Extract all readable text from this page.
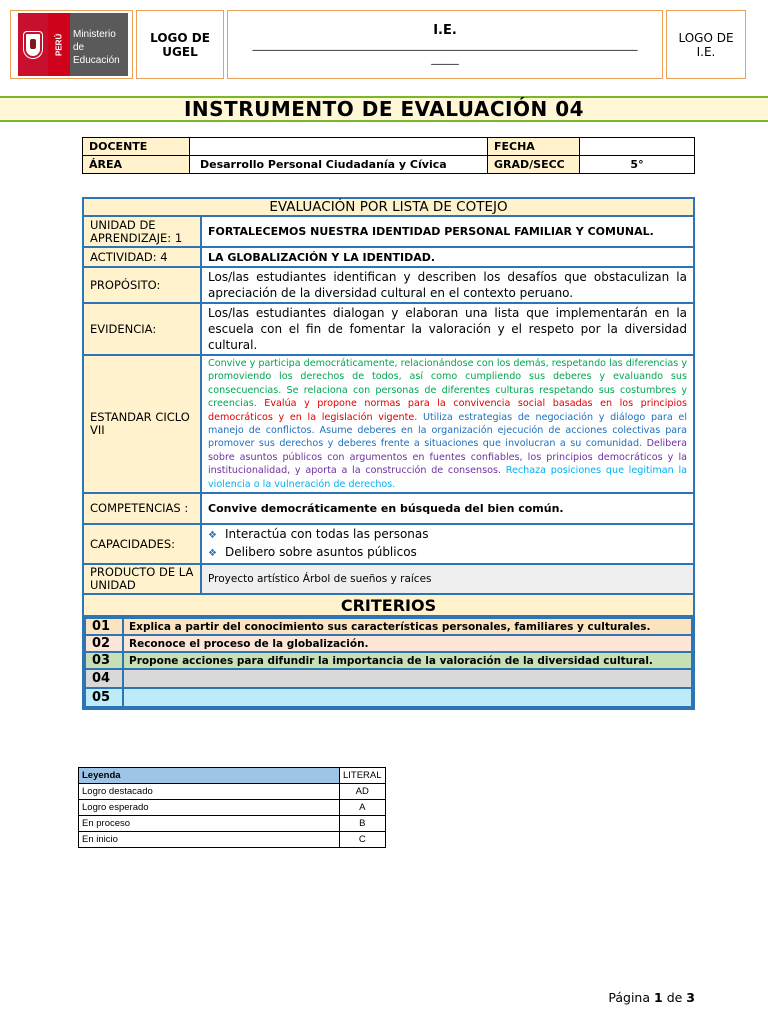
PERÚ Ministerio
de Educación
LOGO DE
UGEL
I.E.
______________________________________________________________________
_____
LOGO DE
I.E.
INSTRUMENTO DE EVALUACIÓN 04
DOCENTE		FECHA	
ÁREA	Desarrollo Personal Ciudadanía y Cívica	GRAD/SECC	5°
EVALUACIÓN POR LISTA DE COTEJO
UNIDAD DE APRENDIZAJE: 1	FORTALECEMOS NUESTRA IDENTIDAD PERSONAL FAMILIAR Y COMUNAL.
ACTIVIDAD: 4	LA GLOBALIZACIÓN Y LA IDENTIDAD.
PROPÓSITO:	Los/las estudiantes identifican y describen los desafíos que obstaculizan la apreciación de la diversidad cultural en el contexto peruano.
EVIDENCIA:	Los/las estudiantes dialogan y elaboran una lista que implementarán en la escuela con el fin de fomentar la valoración y el respeto por la diversidad cultural.
ESTANDAR CICLO VII	Convive y participa democráticamente, relacionándose con los demás, respetando las diferencias y promoviendo los derechos de todos, así como cumpliendo sus deberes y evaluando sus consecuencias. Se relaciona con personas de diferentes culturas respetando sus costumbres y creencias. Evalúa y propone normas para la convivencia social basadas en los principios democráticos y en la legislación vigente. Utiliza estrategias de negociación y diálogo para el manejo de conflictos. Asume deberes en la organización ejecución de acciones colectivas para promover sus derechos y deberes frente a situaciones que involucran a su comunidad. Delibera sobre asuntos públicos con argumentos en fuentes confiables, los principios democráticos y la institucionalidad, y aporta a la construcción de consensos. Rechaza posiciones que legitiman la violencia o la vulneración de derechos.
COMPETENCIAS :	Convive democráticamente en búsqueda del bien común.
CAPACIDADES:	
❖ Interactúa con todas las personas
❖ Delibero sobre asuntos públicos

PRODUCTO DE LA UNIDAD	Proyecto artístico Árbol de sueños y raíces
CRITERIOS

01	Explica a partir del conocimiento sus características personales, familiares y culturales.
02	Reconoce el proceso de la globalización.
03	Propone acciones para difundir la importancia de la valoración de la diversidad cultural.
04	
05	
Leyenda	LITERAL
Logro destacado	AD
Logro esperado	A
En proceso	B
En inicio	C
Página 1 de 3
